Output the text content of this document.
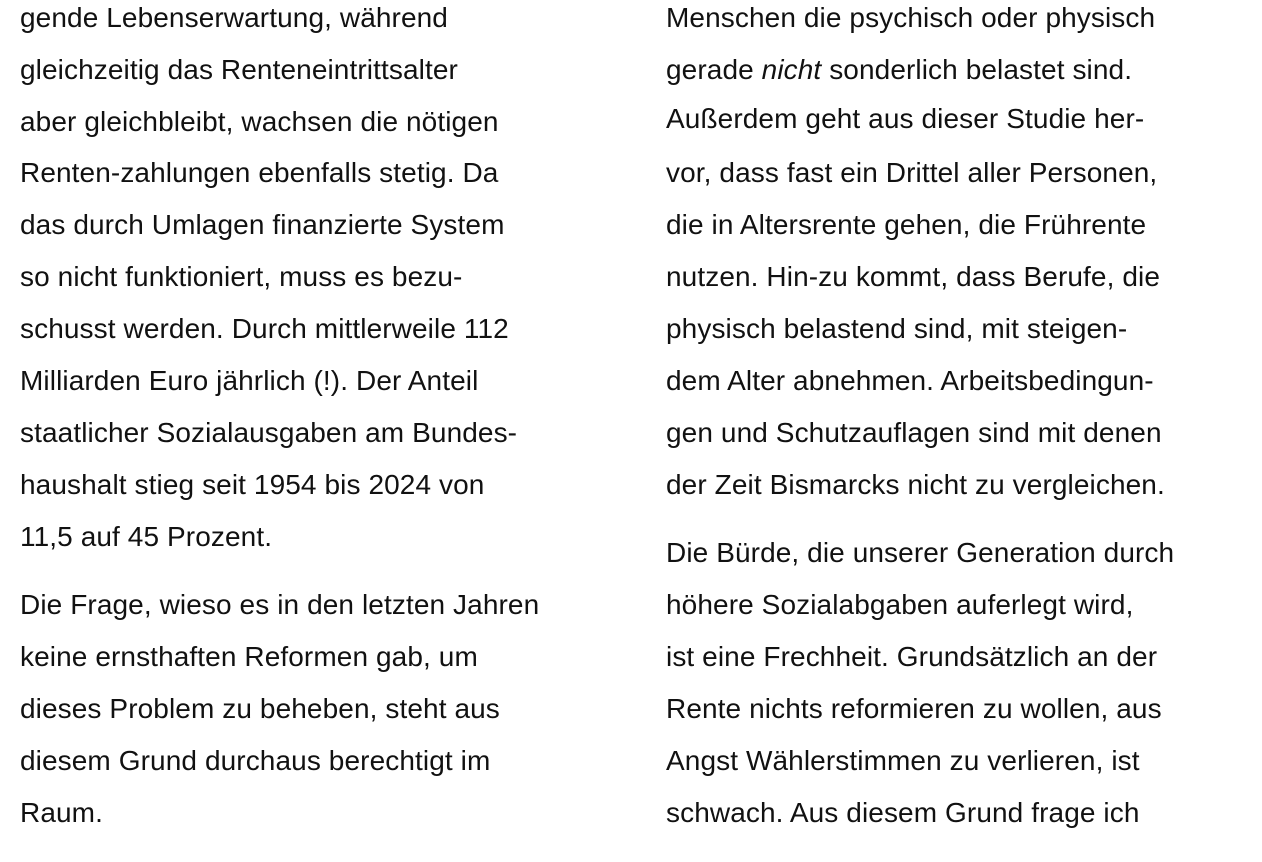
gende Lebenserwartung, während
gleichzeitig das Renteneintrittsalter
aber gleichbleibt, wachsen die nötigen
Renten-zahlungen ebenfalls stetig. Da
das durch Umlagen finanzierte System
so nicht funktioniert, muss es bezu-
schusst werden. Durch mittlerweile 112
Milliarden Euro jährlich (!). Der Anteil
staatlicher Sozialausgaben am Bundes-
haushalt stieg seit 1954 bis 2024 von
11,5 auf 45 Prozent.
Die Frage, wieso es in den letzten Jahren
keine ernsthaften Reformen gab, um
dieses Problem zu beheben, steht aus
diesem Grund durchaus berechtigt im
Raum.
Menschen die psychisch oder physisch
gerade nicht sonderlich belastet sind.
Außerdem geht aus dieser Studie her-
vor, dass fast ein Drittel aller Personen,
die in Altersrente gehen, die Frührente
nutzen. Hin-zu kommt, dass Berufe, die
physisch belastend sind, mit steigen-
dem Alter abnehmen. Arbeitsbedingun-
gen und Schutzauflagen sind mit denen
der Zeit Bismarcks nicht zu vergleichen.
Die Bürde, die unserer Generation durch
höhere Sozialabgaben auferlegt wird,
ist eine Frechheit. Grundsätzlich an der
Rente nichts reformieren zu wollen, aus
Angst Wählerstimmen zu verlieren, ist
schwach. Aus diesem Grund frage ich
